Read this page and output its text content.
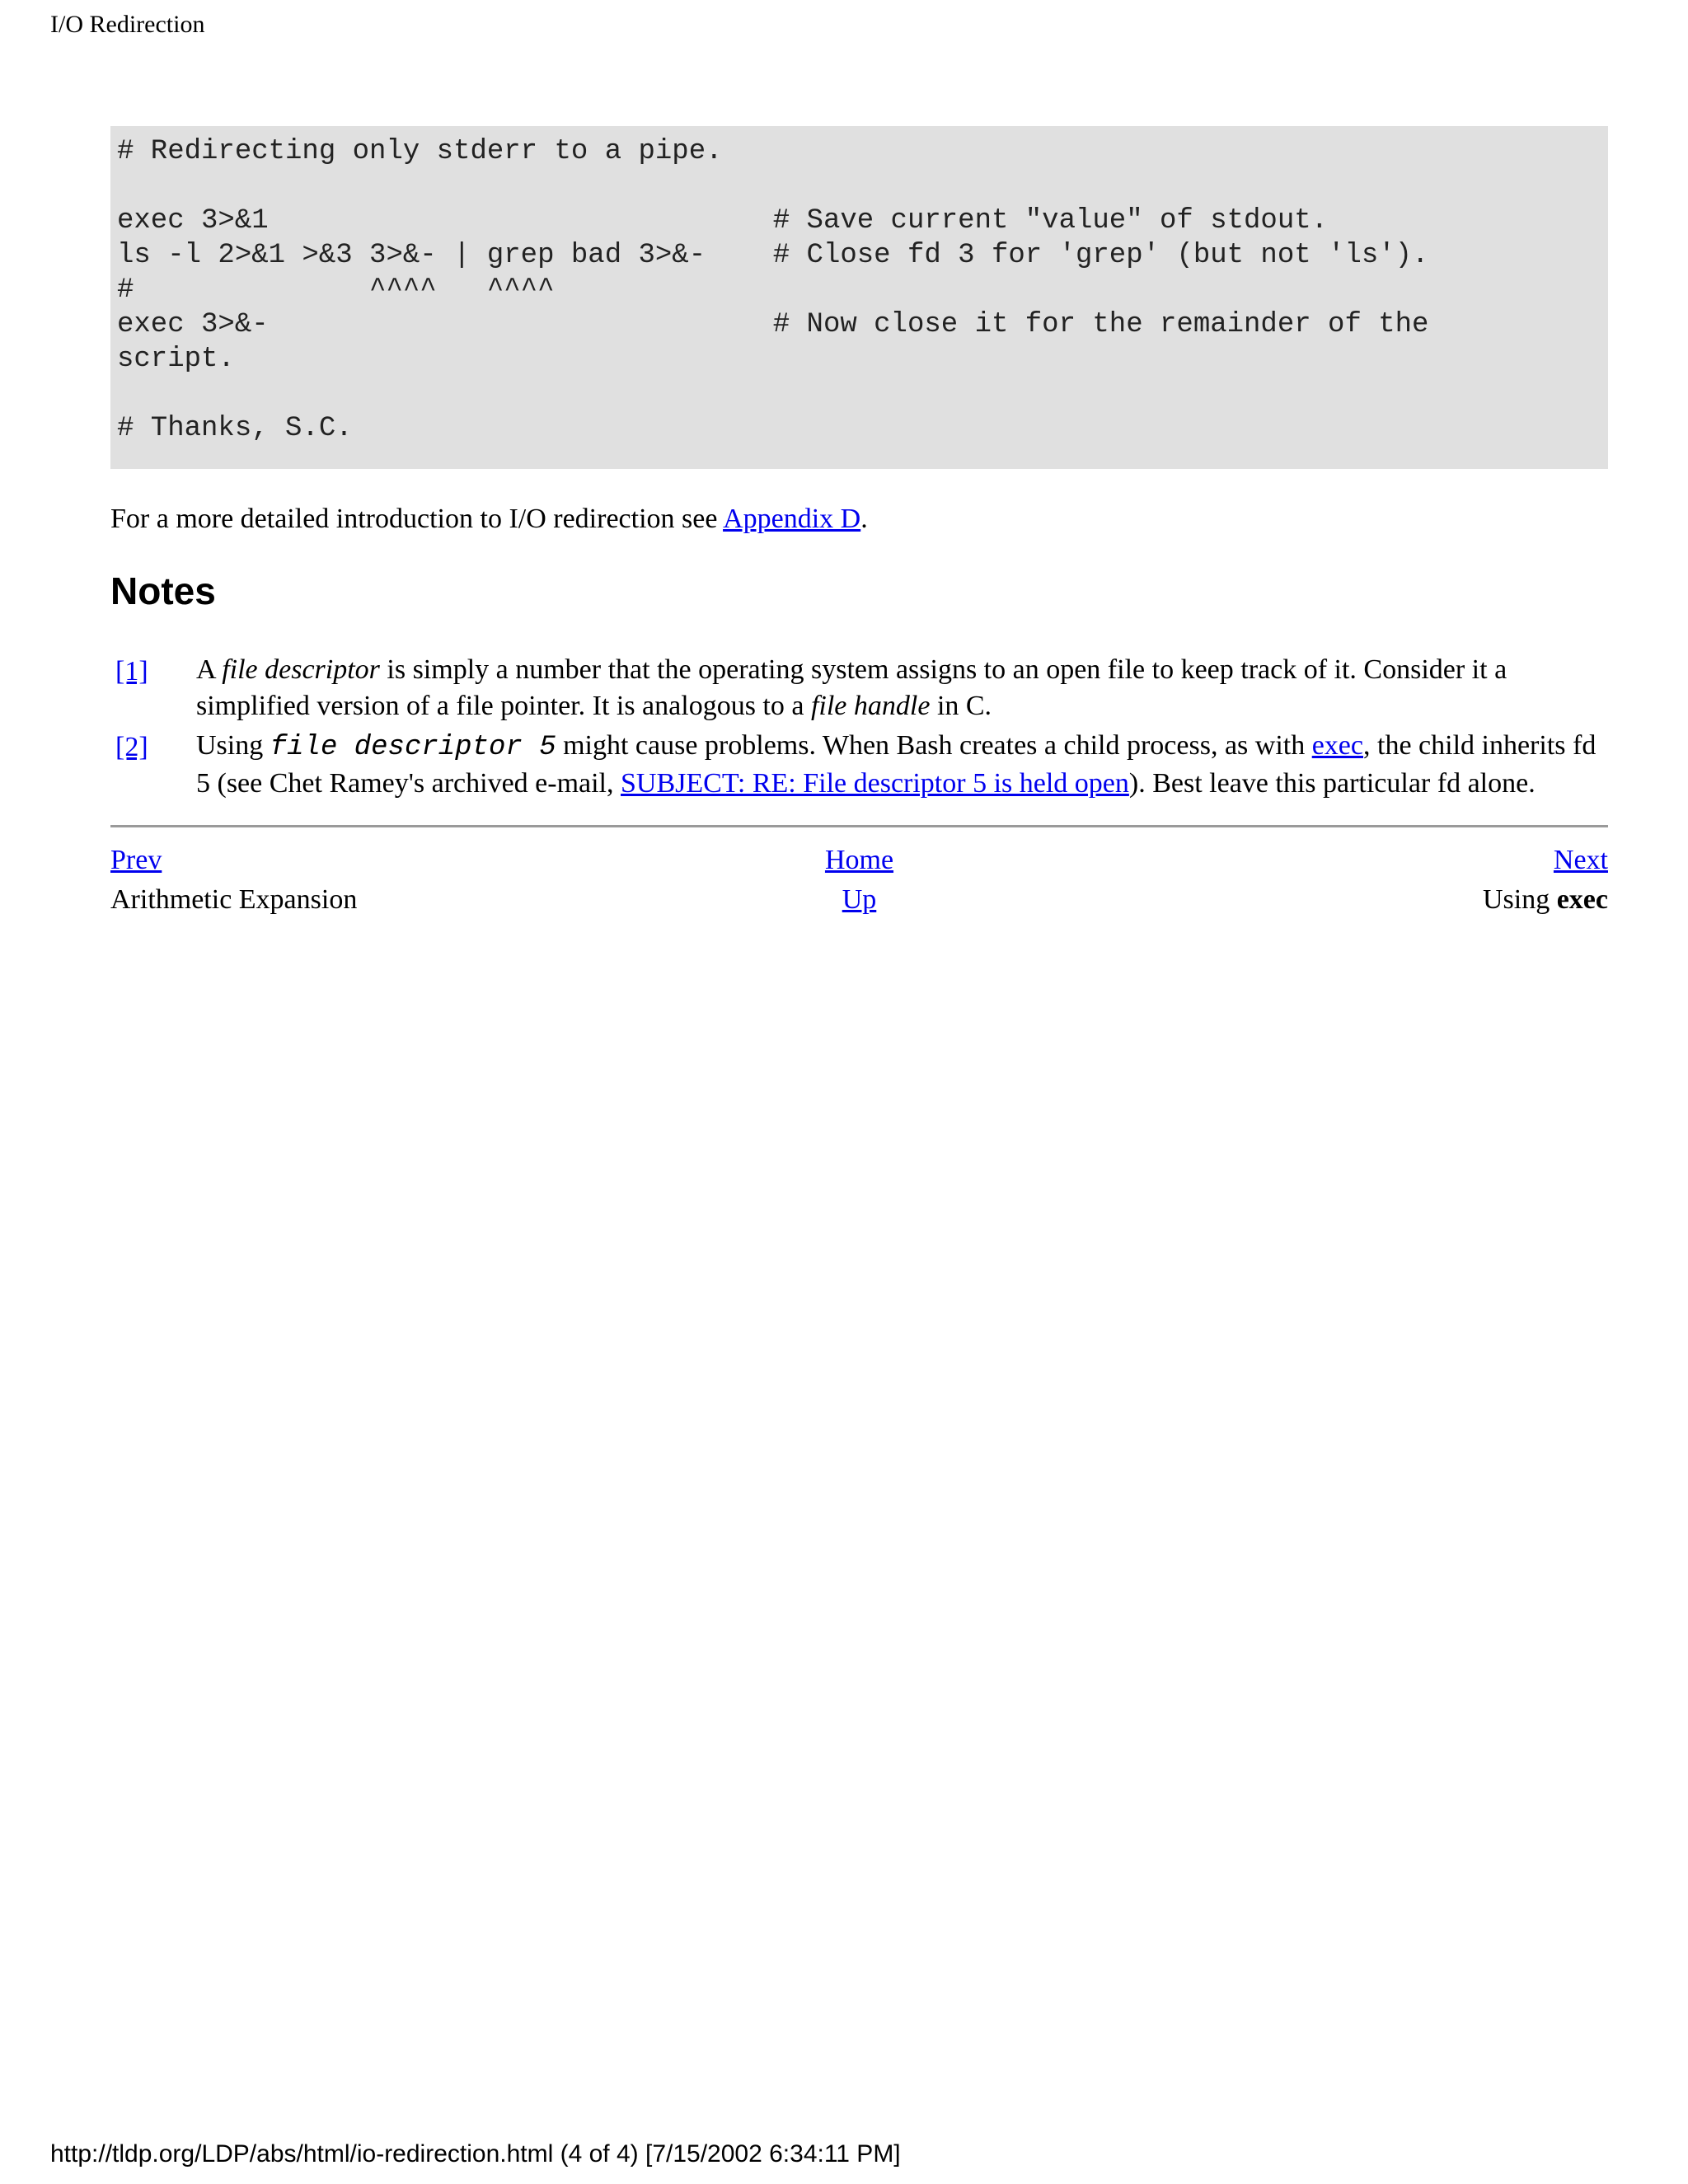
I/O Redirection
# Redirecting only stderr to a pipe.

exec 3>&1                              # Save current "value" of stdout.
ls -l 2>&1 >&3 3>&- | grep bad 3>&-    # Close fd 3 for 'grep' (but not 'ls').
#              ^^^^   ^^^^
exec 3>&-                              # Now close it for the remainder of the
script.

# Thanks, S.C.

For a more detailed introduction to I/O redirection see Appendix D.

Notes
[1]	A file descriptor is simply a number that the operating system assigns to an open file to keep track of it. Consider it a simplified version of a file pointer. It is analogous to a file handle in C.
[2]	Using file descriptor 5 might cause problems. When Bash creates a child process, as with exec, the child inherits fd 5 (see Chet Ramey's archived e-mail, SUBJECT: RE: File descriptor 5 is held open). Best leave this particular fd alone.
Prev	Home	Next
Arithmetic Expansion	Up	Using exec
http://tldp.org/LDP/abs/html/io-redirection.html (4 of 4) [7/15/2002 6:34:11 PM]
